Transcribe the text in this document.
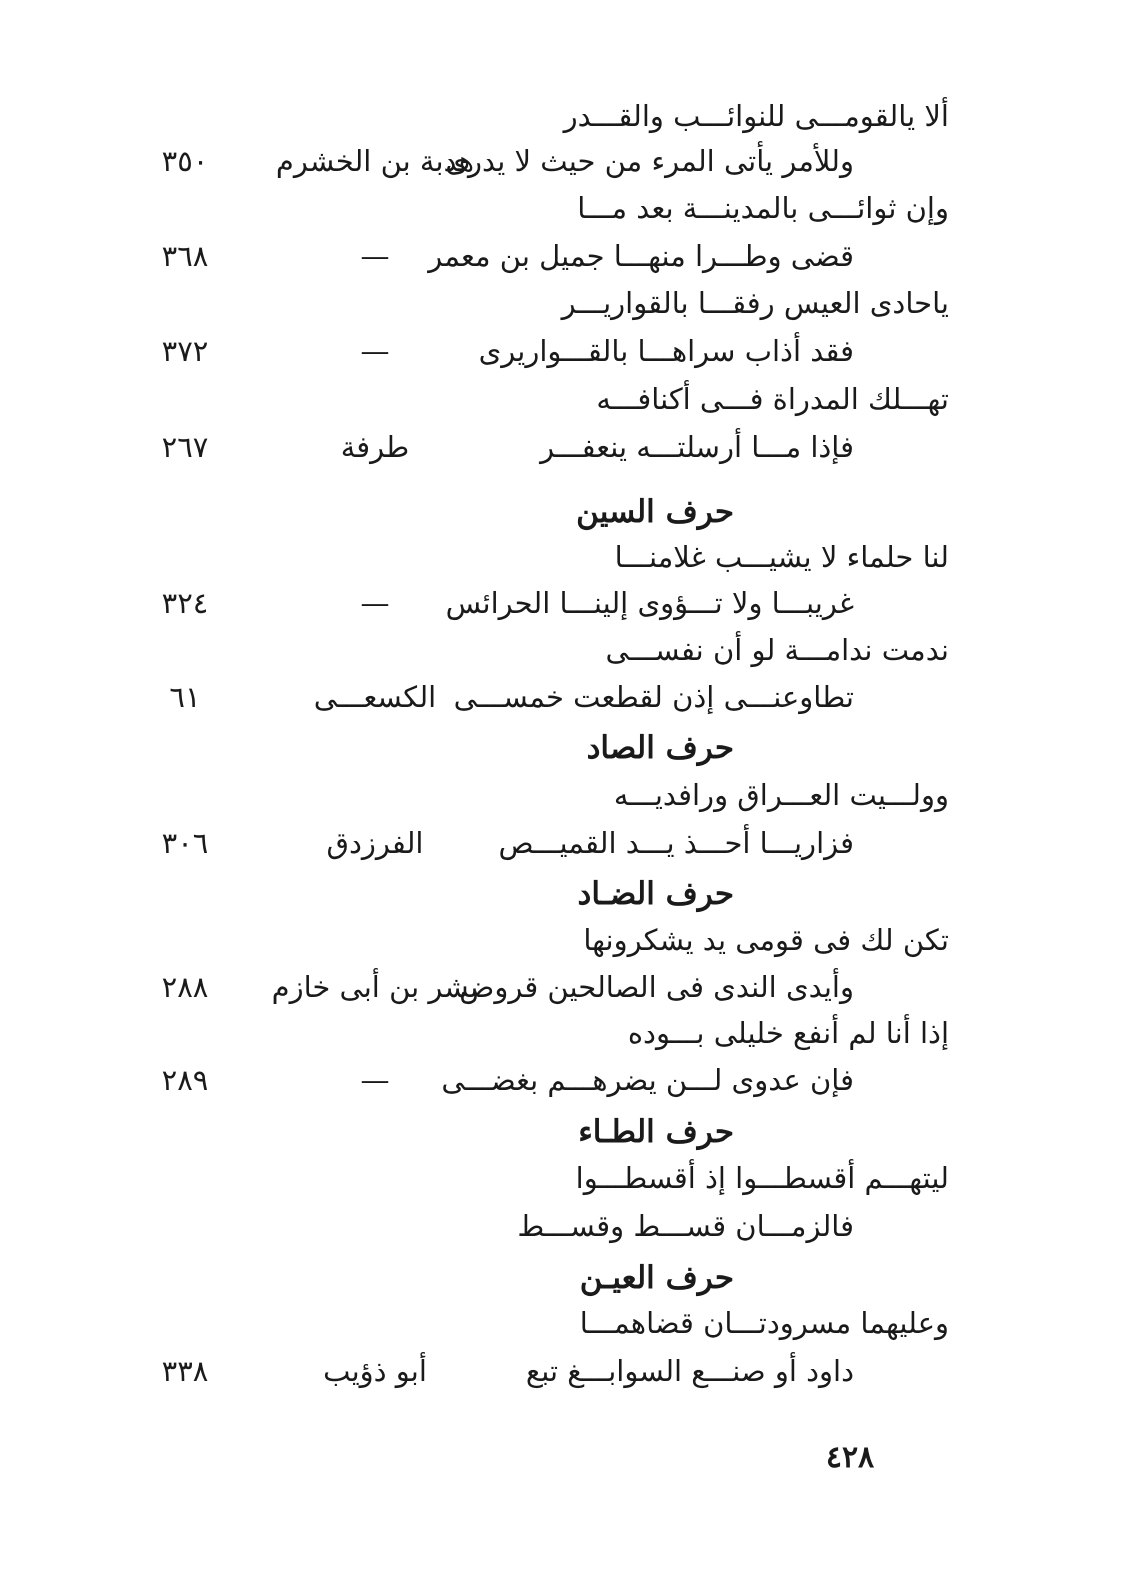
ألا يالقومـــى للنوائـــب والقـــدر
وللأمر يأتى المرء من حيث لا يدرى
هدبة بن الخشرم
٣٥٠
وإن ثوائـــى بالمدينـــة بعد مـــا
قضى وطـــرا منهـــا جميل بن معمر
—
٣٦٨
ياحادى العيس رفقـــا بالقواريـــر
فقد أذاب سراهـــا بالقـــواريرى
—
٣٧٢
تهـــلك المدراة فـــى أكنافـــه
فإذا مـــا أرسلتـــه ينعفـــر
طرفة
٢٦٧
حرف السين
لنا حلماء لا يشيـــب غلامنـــا
غريبـــا ولا تـــؤوى إلينـــا الحرائس
—
٣٢٤
ندمت ندامـــة لو أن نفســـى
تطاوعنـــى إذن لقطعت خمســـى
الكسعـــى
٦١
حرف الصاد
وولـــيت العـــراق ورافديـــه
فزاريـــا أحـــذ يـــد القميـــص
الفرزدق
٣٠٦
حرف الضـاد
تكن لك فى قومى يد يشكرونها
وأيدى الندى فى الصالحين قروض
بشر بن أبى خازم
٢٨٨
إذا أنا لم أنفع خليلى بـــوده
فإن عدوى لـــن يضرهـــم بغضـــى
—
٢٨٩
حرف الطـاء
ليتهـــم أقسطـــوا إذ أقسطـــوا
فالزمـــان قســـط وقســـط
حرف العيـن
وعليهما مسرودتـــان قضاهمـــا
داود أو صنـــع السوابـــغ تبع
أبو ذؤيب
٣٣٨
٤٢٨
